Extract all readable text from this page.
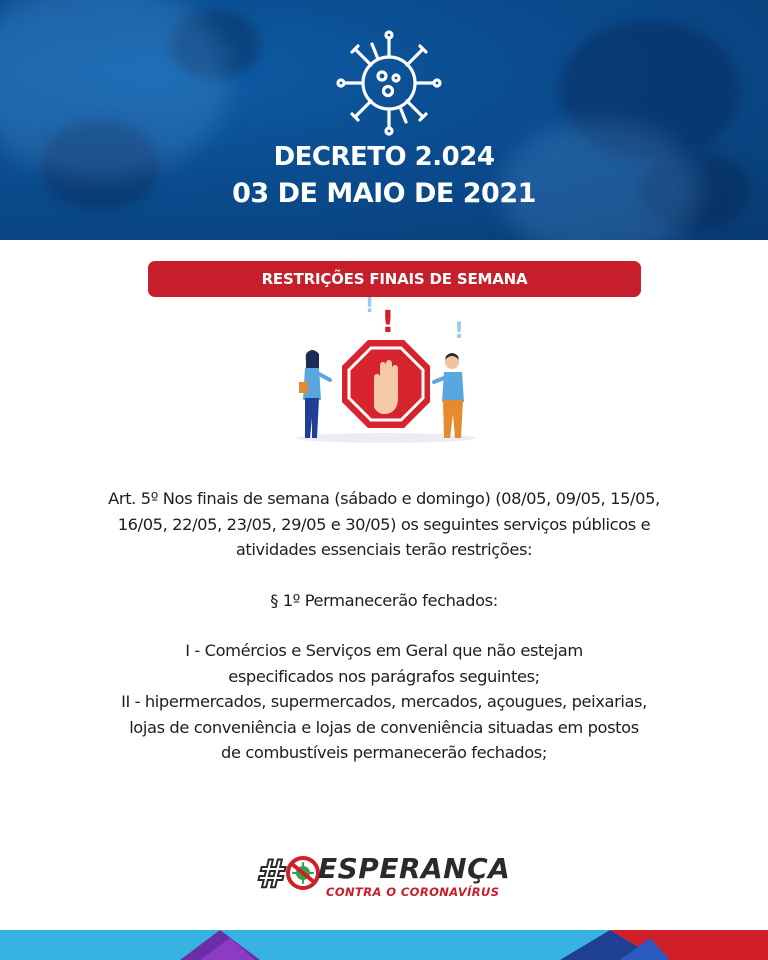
DECRETO 2.024
03 DE MAIO DE 2021
RESTRIÇÕES FINAIS DE SEMANA
! !	!

Art. 5º Nos finais de semana (sábado e domingo) (08/05, 09/05, 15/05,

16/05, 22/05, 23/05, 29/05 e 30/05) os seguintes serviços públicos e

atividades essenciais terão restrições:

§ 1º Permanecerão fechados:

I - Comércios e Serviços em Geral que não estejam

especificados nos parágrafos seguintes;

II - hipermercados, supermercados, mercados, açougues, peixarias,

lojas de conveniência e lojas de conveniência situadas em postos

de combustíveis permanecerão fechados;

# ESPERANÇA
CONTRA O CORONAVÍRUS
